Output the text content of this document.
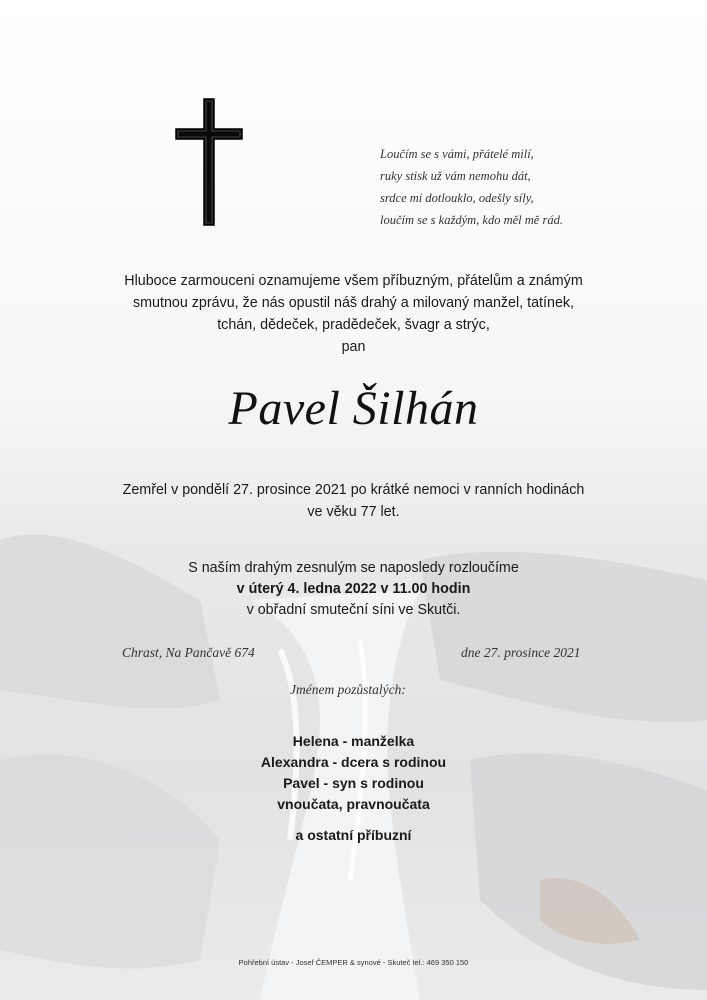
Loučím se s vámi, přátelé milí,
ruky stisk už vám nemohu dát,
srdce mi dotlouklo, odešly síly,
loučím se s každým, kdo měl mě rád.
Hluboce zarmouceni oznamujeme všem příbuzným, přátelům a známým
smutnou zprávu, že nás opustil náš drahý a milovaný manžel, tatínek,
tchán, dědeček, pradědeček, švagr a strýc,
pan
Pavel Šilhán
Zemřel v pondělí 27. prosince 2021 po krátké nemoci v ranních hodinách
ve věku 77 let.
S naším drahým zesnulým se naposledy rozloučíme
v úterý 4. ledna 2022 v 11.00 hodin
v obřadní smuteční síni ve Skutči.
Chrast, Na Pančavě 674	dne 27. prosince 2021
Jménem pozůstalých:
Helena - manželka
Alexandra - dcera s rodinou
Pavel - syn s rodinou
vnoučata, pravnoučata
a ostatní příbuzní
Pohřební ústav - Josef ČEMPER & synové - Skuteč tel.: 469 350 150
